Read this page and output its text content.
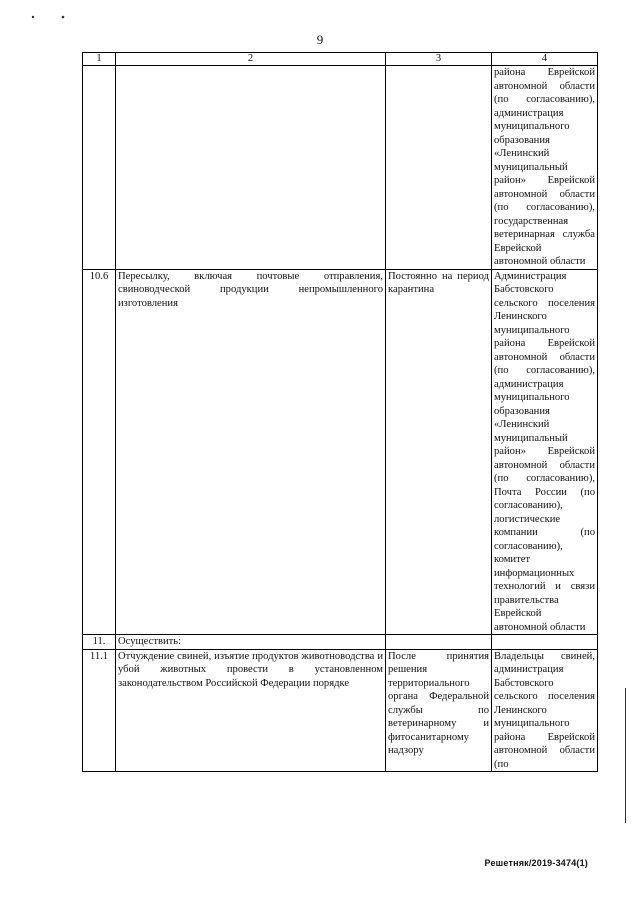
9
1	2	3	4
			района Еврейской автономной области (по согласованию), администрация муниципального образования «Ленинский муниципальный район» Еврейской автономной области (по согласованию), государственная ветеринарная служба Еврейской автономной области
10.6	Пересылку, включая почтовые отправления, свиноводческой продукции непромышленного изготовления	Постоянно на период карантина	Администрация Бабстовского сельского поселения Ленинского муниципального района Еврейской автономной области (по согласованию), администрация муниципального образования «Ленинский муниципальный район» Еврейской автономной области (по согласованию), Почта России (по согласованию), логистические компании (по согласованию), комитет информационных технологий и связи правительства Еврейской автономной области
11.	Осуществить:		
11.1	Отчуждение свиней, изъятие продуктов животноводства и убой животных провести в установленном законодательством Российской Федерации порядке	После принятия решения территориального органа Федеральной службы по ветеринарному и фитосанитарному надзору	Владельцы свиней, администрация Бабстовского сельского поселения Ленинского муниципального района Еврейской автономной области (по
Решетняк/2019-3474(1)
